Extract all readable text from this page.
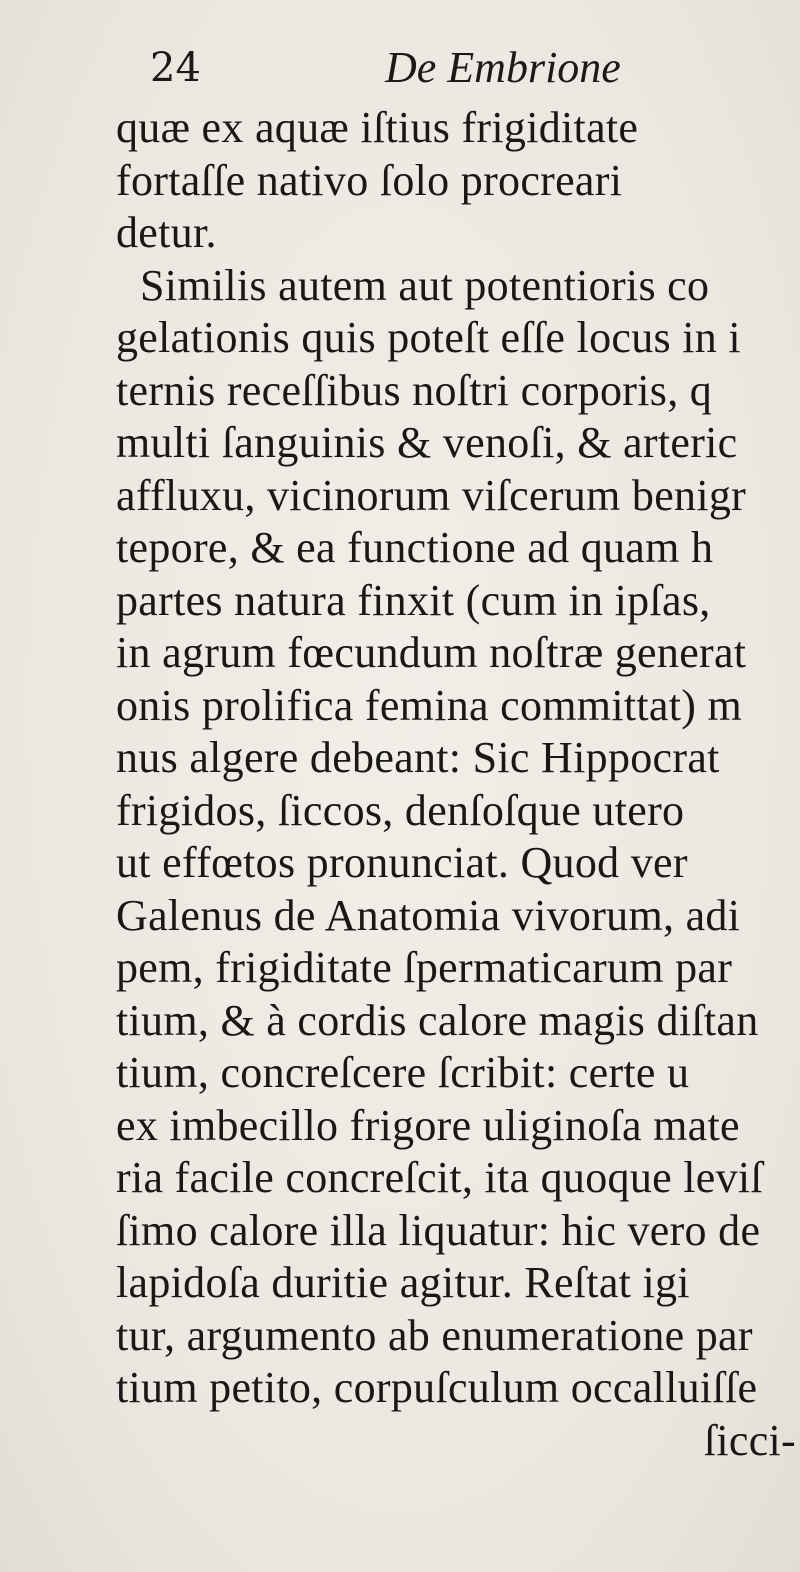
24	De Embrione
quæ ex aquæ iſtius frigiditate
fortaſſe nativo ſolo procreari
detur.
Similis autem aut potentioris co
gelationis quis poteſt eſſe locus in i
ternis receſſibus noſtri corporis, q
multi ſanguinis & venoſi, & arteric
affluxu, vicinorum viſcerum benigr
tepore, & ea functione ad quam h
partes natura finxit (cum in ipſas,
in agrum fœcundum noſtræ generat
onis prolifica femina committat) m
nus algere debeant: Sic Hippocrat
frigidos, ſiccos, denſoſque utero
ut effœtos pronunciat. Quod ver
Galenus de Anatomia vivorum, adi
pem, frigiditate ſpermaticarum par
tium, & à cordis calore magis diſtan
tium, concreſcere ſcribit: certe u
ex imbecillo frigore uliginoſa mate
ria facile concreſcit, ita quoque leviſ
ſimo calore illa liquatur: hic vero de
lapidoſa duritie agitur. Reſtat igi
tur, argumento ab enumeratione par
tium petito, corpuſculum occalluiſſe
ſicci-
